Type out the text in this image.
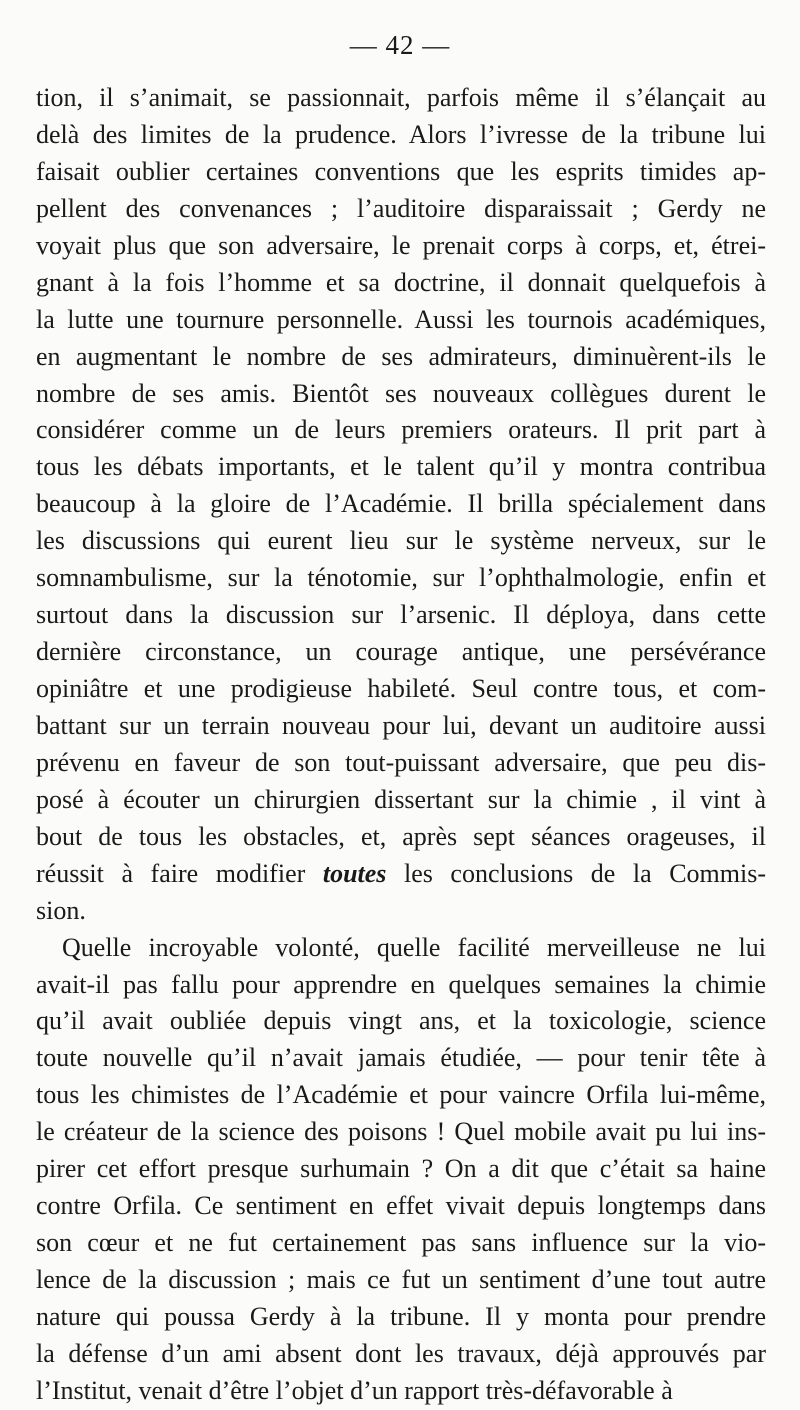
— 42 —
tion, il s’animait, se passionnait, parfois même il s’élançait au
delà des limites de la prudence. Alors l’ivresse de la tribune lui
faisait oublier certaines conventions que les esprits timides ap-
pellent des convenances ; l’auditoire disparaissait ; Gerdy ne
voyait plus que son adversaire, le prenait corps à corps, et, étrei-
gnant à la fois l’homme et sa doctrine, il donnait quelquefois à
la lutte une tournure personnelle. Aussi les tournois académiques,
en augmentant le nombre de ses admirateurs, diminuèrent-ils le
nombre de ses amis. Bientôt ses nouveaux collègues durent le
considérer comme un de leurs premiers orateurs. Il prit part à
tous les débats importants, et le talent qu’il y montra contribua
beaucoup à la gloire de l’Académie. Il brilla spécialement dans
les discussions qui eurent lieu sur le système nerveux, sur le
somnambulisme, sur la ténotomie, sur l’ophthalmologie, enfin et
surtout dans la discussion sur l’arsenic. Il déploya, dans cette
dernière circonstance, un courage antique, une persévérance
opiniâtre et une prodigieuse habileté. Seul contre tous, et com-
battant sur un terrain nouveau pour lui, devant un auditoire aussi
prévenu en faveur de son tout-puissant adversaire, que peu dis-
posé à écouter un chirurgien dissertant sur la chimie , il vint à
bout de tous les obstacles, et, après sept séances orageuses, il
réussit à faire modifier toutes les conclusions de la Commis-
sion.
Quelle incroyable volonté, quelle facilité merveilleuse ne lui
avait-il pas fallu pour apprendre en quelques semaines la chimie
qu’il avait oubliée depuis vingt ans, et la toxicologie, science
toute nouvelle qu’il n’avait jamais étudiée, — pour tenir tête à
tous les chimistes de l’Académie et pour vaincre Orfila lui-même,
le créateur de la science des poisons ! Quel mobile avait pu lui ins-
pirer cet effort presque surhumain ? On a dit que c’était sa haine
contre Orfila. Ce sentiment en effet vivait depuis longtemps dans
son cœur et ne fut certainement pas sans influence sur la vio-
lence de la discussion ; mais ce fut un sentiment d’une tout autre
nature qui poussa Gerdy à la tribune. Il y monta pour prendre
la défense d’un ami absent dont les travaux, déjà approuvés par
l’Institut, venait d’être l’objet d’un rapport très-défavorable à
